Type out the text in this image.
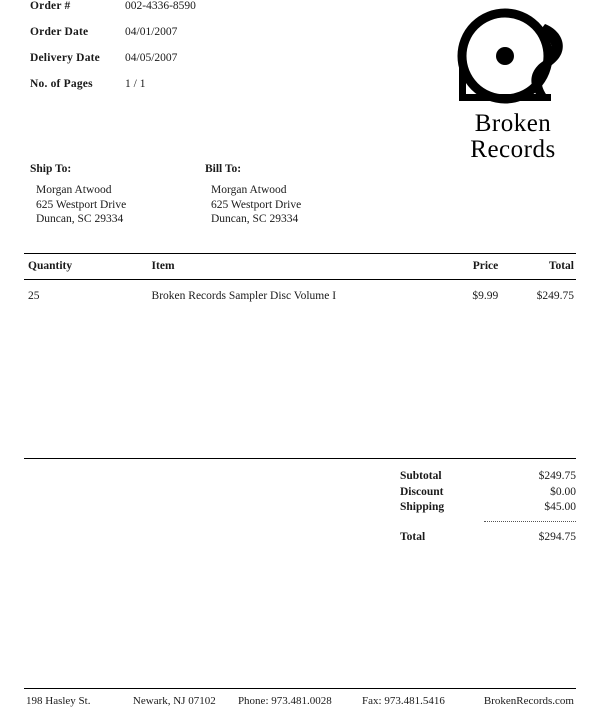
Order #	002-4336-8590
Order Date	04/01/2007
Delivery Date	04/05/2007
No. of Pages	1 / 1
Broken
Records
Ship To:
Morgan Atwood
625 Westport Drive
Duncan, SC 29334
Bill To:
Morgan Atwood
625 Westport Drive
Duncan, SC 29334
Quantity	Item	Price	Total
25	Broken Records Sampler Disc Volume I	$9.99	$249.75
Subtotal	$249.75
Discount	$0.00
Shipping	$45.00
Total	$294.75
198 Hasley St.	Newark, NJ 07102	Phone: 973.481.0028	Fax: 973.481.5416	BrokenRecords.com
